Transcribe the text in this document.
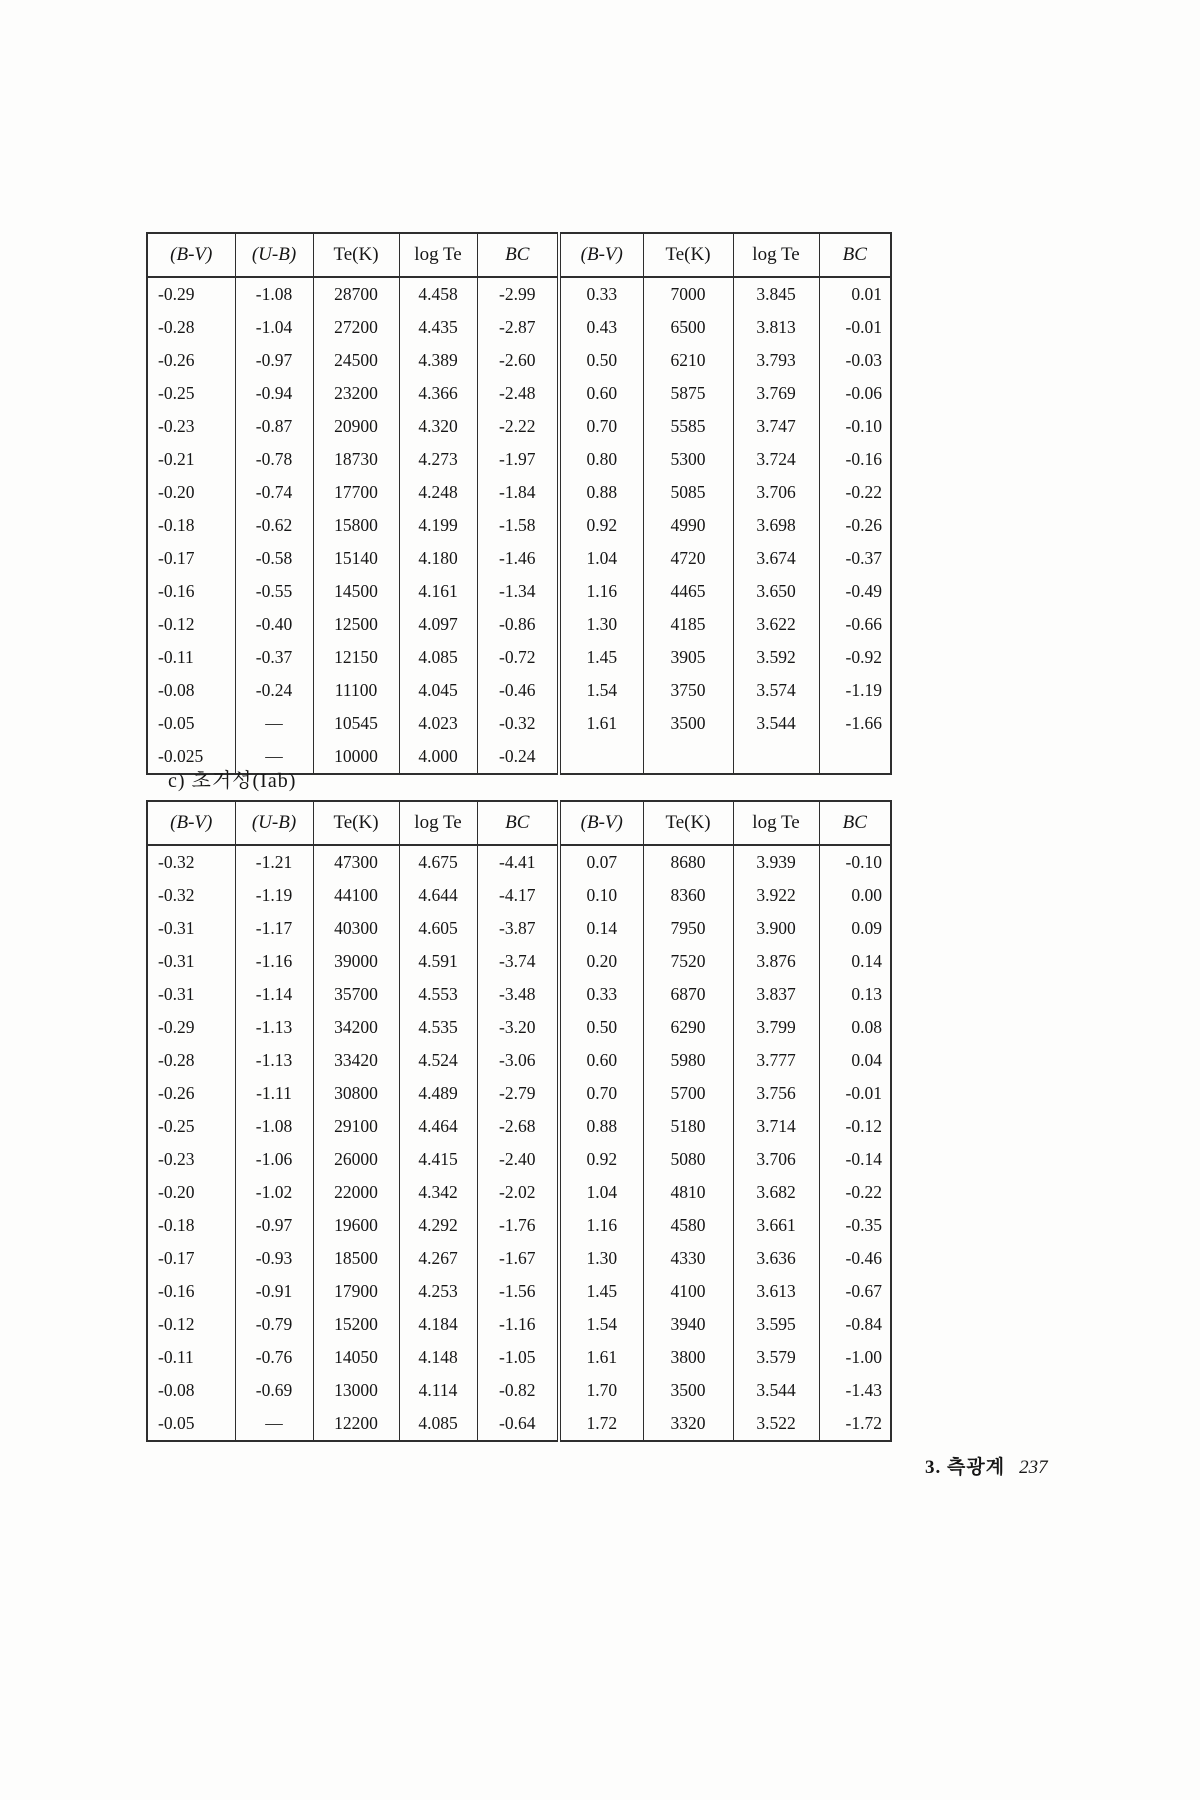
(B-V)	(U-B)	Te(K)	log Te	BC	(B-V)	Te(K)	log Te	BC
-0.29	-1.08	28700	4.458	-2.99	0.33	7000	3.845	0.01
-0.28	-1.04	27200	4.435	-2.87	0.43	6500	3.813	-0.01
-0.26	-0.97	24500	4.389	-2.60	0.50	6210	3.793	-0.03
-0.25	-0.94	23200	4.366	-2.48	0.60	5875	3.769	-0.06
-0.23	-0.87	20900	4.320	-2.22	0.70	5585	3.747	-0.10
-0.21	-0.78	18730	4.273	-1.97	0.80	5300	3.724	-0.16
-0.20	-0.74	17700	4.248	-1.84	0.88	5085	3.706	-0.22
-0.18	-0.62	15800	4.199	-1.58	0.92	4990	3.698	-0.26
-0.17	-0.58	15140	4.180	-1.46	1.04	4720	3.674	-0.37
-0.16	-0.55	14500	4.161	-1.34	1.16	4465	3.650	-0.49
-0.12	-0.40	12500	4.097	-0.86	1.30	4185	3.622	-0.66
-0.11	-0.37	12150	4.085	-0.72	1.45	3905	3.592	-0.92
-0.08	-0.24	11100	4.045	-0.46	1.54	3750	3.574	-1.19
-0.05	—	10545	4.023	-0.32	1.61	3500	3.544	-1.66
-0.025	—	10000	4.000	-0.24				
c) 초거성(Iab)
(B-V)	(U-B)	Te(K)	log Te	BC	(B-V)	Te(K)	log Te	BC
-0.32	-1.21	47300	4.675	-4.41	0.07	8680	3.939	-0.10
-0.32	-1.19	44100	4.644	-4.17	0.10	8360	3.922	0.00
-0.31	-1.17	40300	4.605	-3.87	0.14	7950	3.900	0.09
-0.31	-1.16	39000	4.591	-3.74	0.20	7520	3.876	0.14
-0.31	-1.14	35700	4.553	-3.48	0.33	6870	3.837	0.13
-0.29	-1.13	34200	4.535	-3.20	0.50	6290	3.799	0.08
-0.28	-1.13	33420	4.524	-3.06	0.60	5980	3.777	0.04
-0.26	-1.11	30800	4.489	-2.79	0.70	5700	3.756	-0.01
-0.25	-1.08	29100	4.464	-2.68	0.88	5180	3.714	-0.12
-0.23	-1.06	26000	4.415	-2.40	0.92	5080	3.706	-0.14
-0.20	-1.02	22000	4.342	-2.02	1.04	4810	3.682	-0.22
-0.18	-0.97	19600	4.292	-1.76	1.16	4580	3.661	-0.35
-0.17	-0.93	18500	4.267	-1.67	1.30	4330	3.636	-0.46
-0.16	-0.91	17900	4.253	-1.56	1.45	4100	3.613	-0.67
-0.12	-0.79	15200	4.184	-1.16	1.54	3940	3.595	-0.84
-0.11	-0.76	14050	4.148	-1.05	1.61	3800	3.579	-1.00
-0.08	-0.69	13000	4.114	-0.82	1.70	3500	3.544	-1.43
-0.05	—	12200	4.085	-0.64	1.72	3320	3.522	-1.72
3. 측광계 237
